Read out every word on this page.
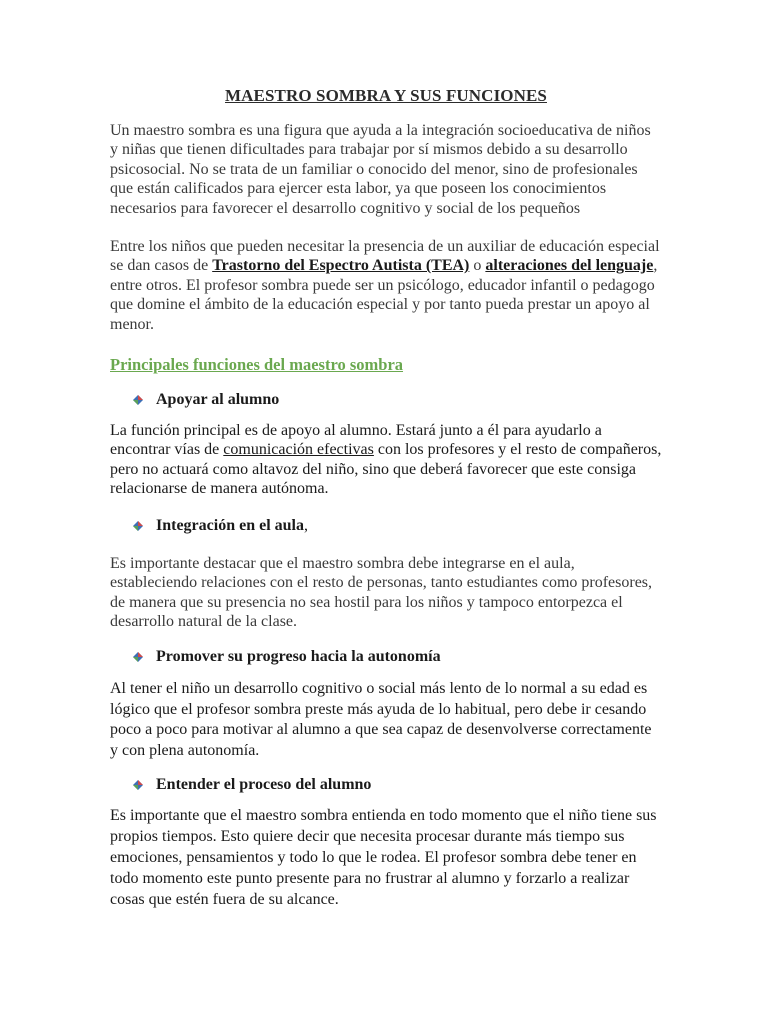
MAESTRO SOMBRA Y SUS FUNCIONES

Un maestro sombra es una figura que ayuda a la integración socioeducativa de niños y niñas que tienen dificultades para trabajar por sí mismos debido a su desarrollo psicosocial. No se trata de un familiar o conocido del menor, sino de profesionales que están calificados para ejercer esta labor, ya que poseen los conocimientos necesarios para favorecer el desarrollo cognitivo y social de los pequeños

Entre los niños que pueden necesitar la presencia de un auxiliar de educación especial se dan casos de Trastorno del Espectro Autista (TEA) o alteraciones del lenguaje, entre otros. El profesor sombra puede ser un psicólogo, educador infantil o pedagogo que domine el ámbito de la educación especial y por tanto pueda prestar un apoyo al menor.

Principales funciones del maestro sombra
Apoyar al alumno

La función principal es de apoyo al alumno. Estará junto a él para ayudarlo a encontrar vías de comunicación efectivas con los profesores y el resto de compañeros, pero no actuará como altavoz del niño, sino que deberá favorecer que este consiga relacionarse de manera autónoma.

Integración en el aula ,

Es importante destacar que el maestro sombra debe integrarse en el aula, estableciendo relaciones con el resto de personas, tanto estudiantes como profesores, de manera que su presencia no sea hostil para los niños y tampoco entorpezca el desarrollo natural de la clase.

Promover su progreso hacia la autonomía

Al tener el niño un desarrollo cognitivo o social más lento de lo normal a su edad es lógico que el profesor sombra preste más ayuda de lo habitual, pero debe ir cesando poco a poco para motivar al alumno a que sea capaz de desenvolverse correctamente y con plena autonomía.

Entender el proceso del alumno

Es importante que el maestro sombra entienda en todo momento que el niño tiene sus propios tiempos. Esto quiere decir que necesita procesar durante más tiempo sus emociones, pensamientos y todo lo que le rodea. El profesor sombra debe tener en todo momento este punto presente para no frustrar al alumno y forzarlo a realizar cosas que estén fuera de su alcance.
